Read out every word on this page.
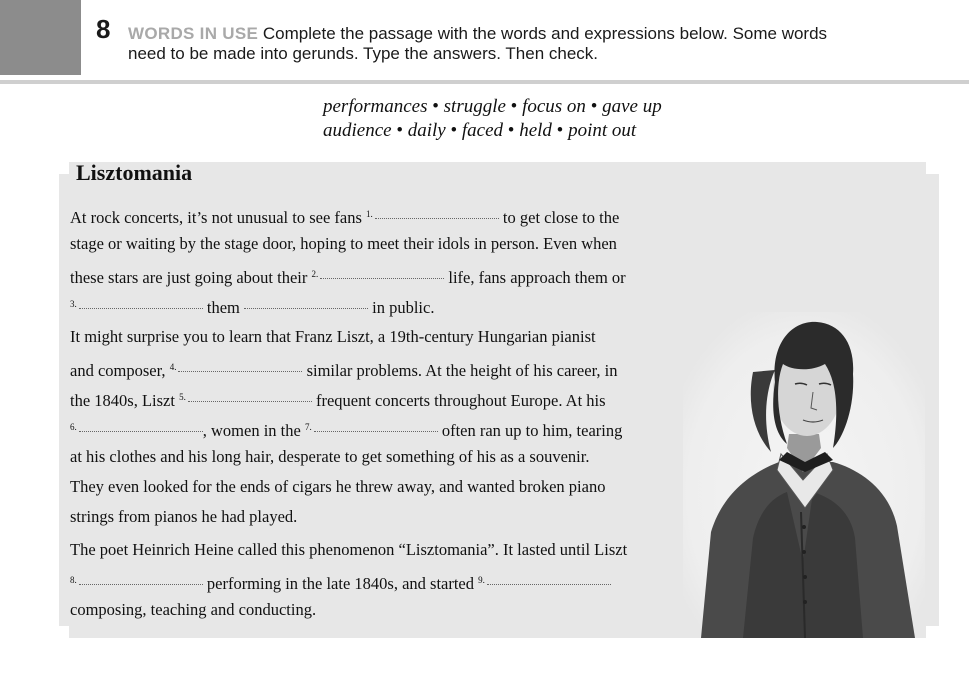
8 WORDS IN USE Complete the passage with the words and expressions below. Some words
need to be made into gerunds. Type the answers. Then check.
performances • struggle • focus on • gave up
audience • daily • faced • held • point out
Lisztomania
At rock concerts, it’s not unusual to see fans $^{1.}$	to get close to the
stage or waiting by the stage door, hoping to meet their idols in person. Even when
these stars are just going about their $^{2.}$	life, fans approach them or
$^{3.}$	them	in public.
It might surprise you to learn that Franz Liszt, a 19th-century Hungarian pianist
and composer, $^{4.}$	similar problems. At the height of his career, in
the 1840s, Liszt $^{5.}$	frequent concerts throughout Europe. At his
$^{6.}$	, women in the $^{7.}$	often ran up to him, tearing
at his clothes and his long hair, desperate to get something of his as a souvenir.
They even looked for the ends of cigars he threw away, and wanted broken piano
strings from pianos he had played.
The poet Heinrich Heine called this phenomenon “Lisztomania”. It lasted until Liszt
$^{8.}$	performing in the late 1840s, and started $^{9.}$
composing, teaching and conducting.
